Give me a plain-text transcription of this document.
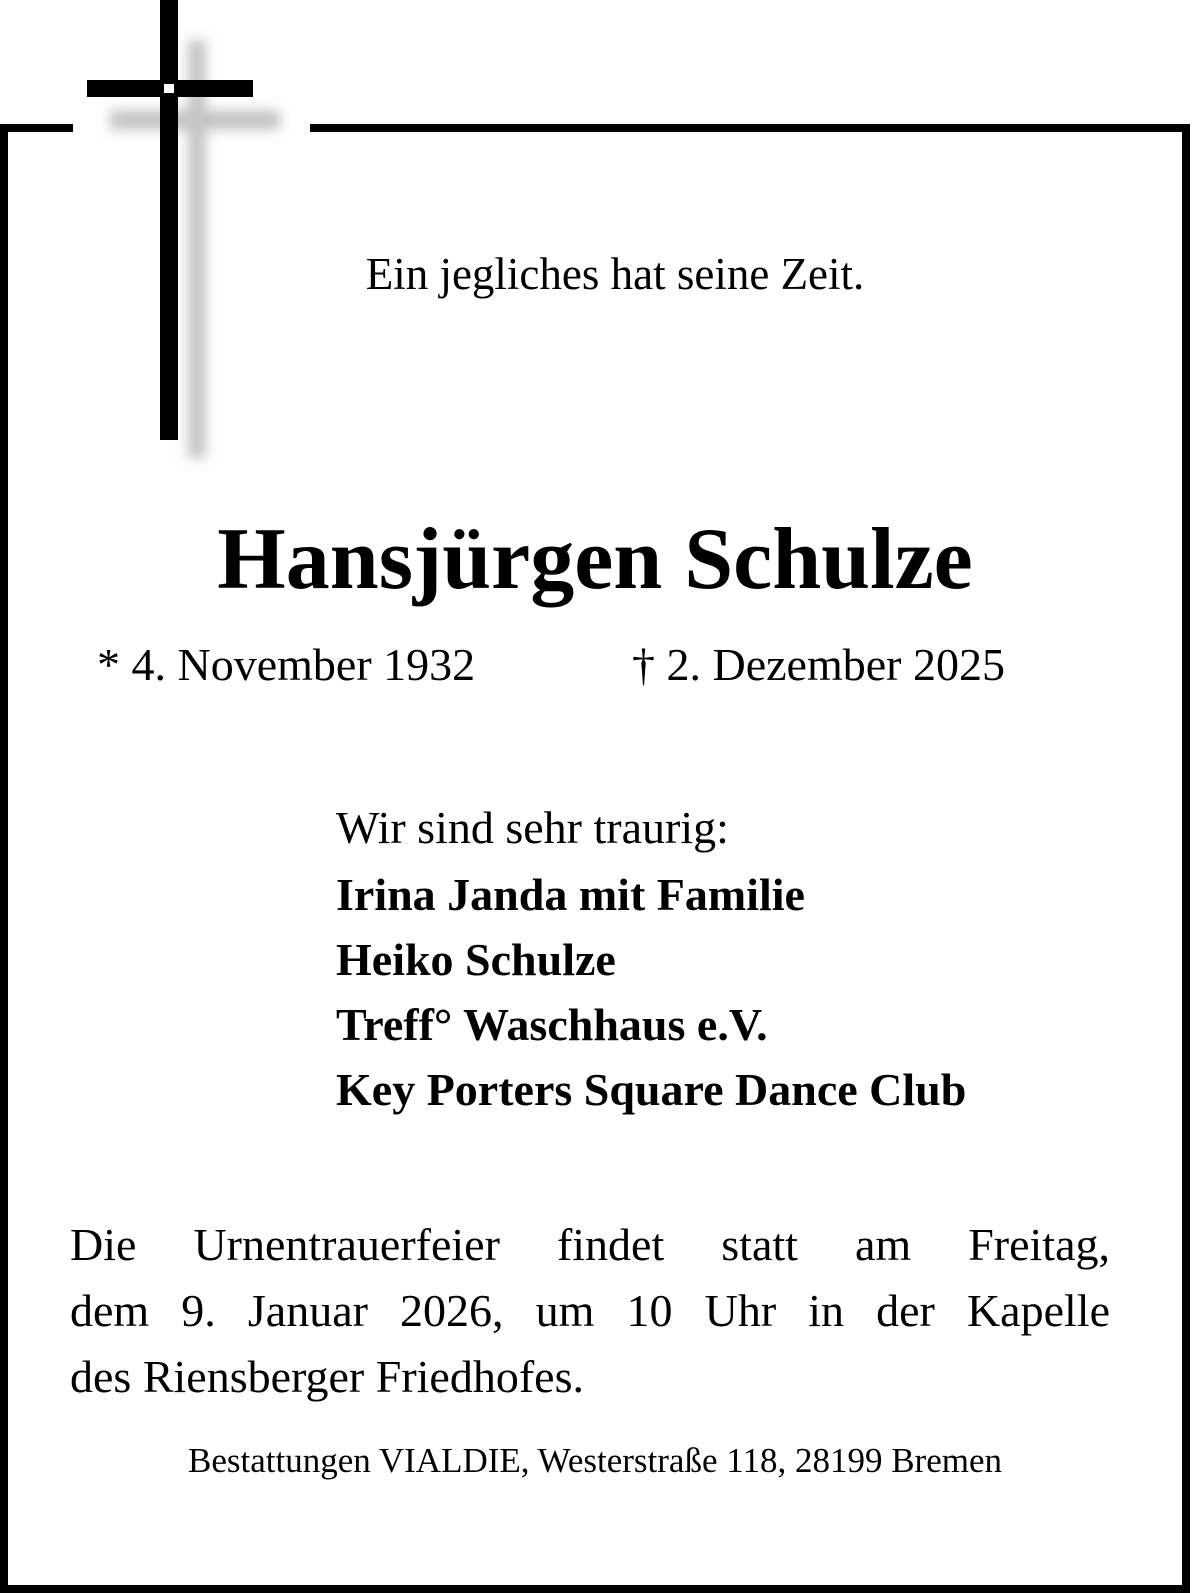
Ein jegliches hat seine Zeit.
Hansjürgen Schulze
* 4. November 1932	† 2. Dezember 2025
Wir sind sehr traurig:
Irina Janda mit Familie
Heiko Schulze
Treff° Waschhaus e.V.
Key Porters Square Dance Club
Die Urnentrauerfeier findet statt am Freitag,
dem 9. Januar 2026, um 10 Uhr in der Kapelle
des Riensberger Friedhofes.
Bestattungen VIALDIE, Westerstraße 118, 28199 Bremen
